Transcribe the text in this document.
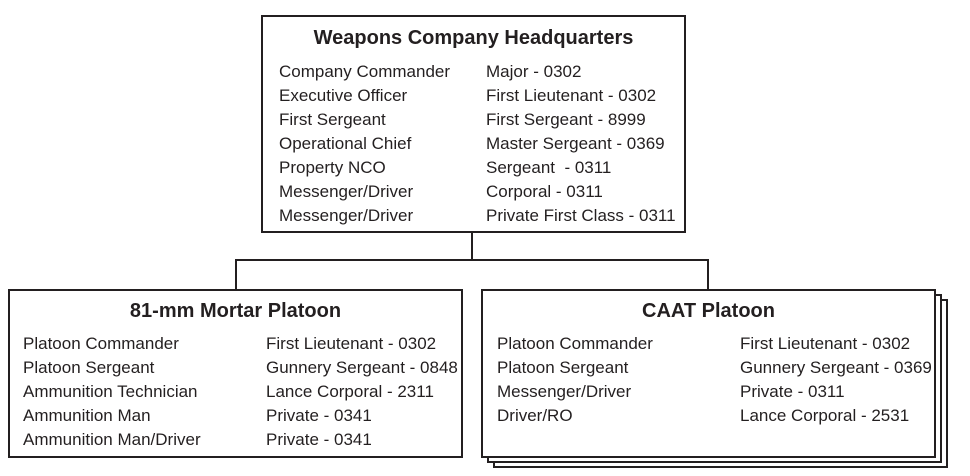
Weapons Company Headquarters
Company Commander	Major - 0302
Executive Officer	First Lieutenant - 0302
First Sergeant	First Sergeant - 8999
Operational Chief	Master Sergeant - 0369
Property NCO	Sergeant  - 0311
Messenger/Driver	Corporal - 0311
Messenger/Driver	Private First Class - 0311
81-mm Mortar Platoon
Platoon Commander	First Lieutenant - 0302
Platoon Sergeant	Gunnery Sergeant - 0848
Ammunition Technician	Lance Corporal - 2311
Ammunition Man	Private - 0341
Ammunition Man/Driver	Private - 0341
CAAT Platoon
Platoon Commander	First Lieutenant - 0302
Platoon Sergeant	Gunnery Sergeant - 0369
Messenger/Driver	Private - 0311
Driver/RO	Lance Corporal - 2531
